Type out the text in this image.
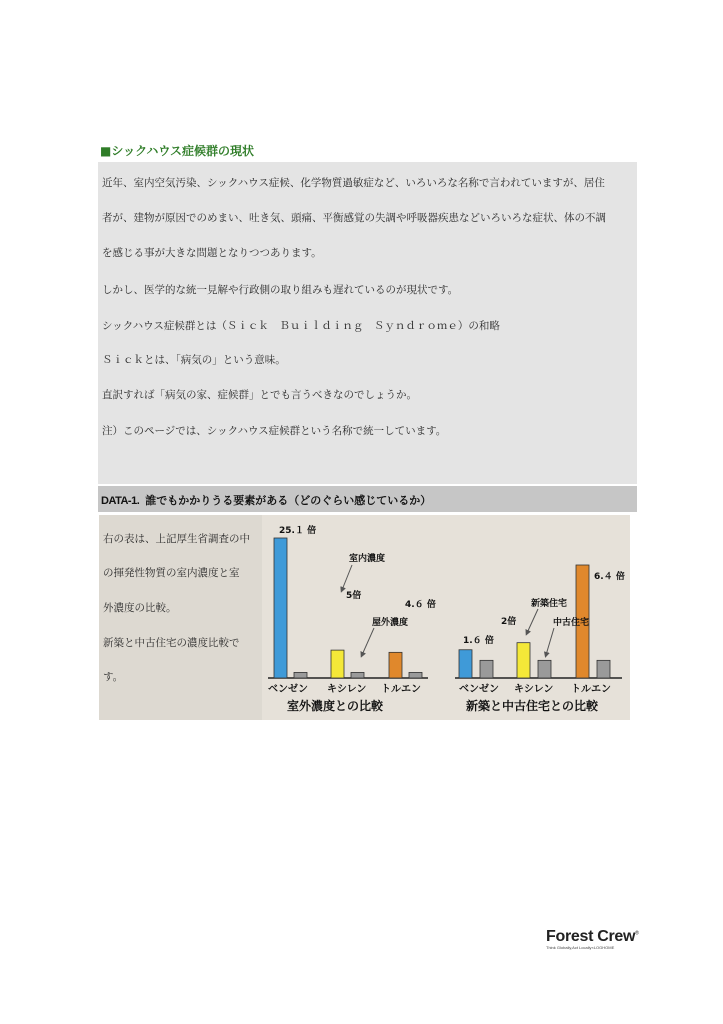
■シックハウス症候群の現状
近年、室内空気汚染、シックハウス症候、化学物質過敏症など、いろいろな名称で言われていますが、居住
者が、建物が原因でのめまい、吐き気、頭痛、平衡感覚の失調や呼吸器疾患などいろいろな症状、体の不調
を感じる事が大きな問題となりつつあります。
しかし、医学的な統一見解や行政側の取り組みも遅れているのが現状です。
シックハウス症候群とは（Ｓｉｃｋ　Ｂｕｉｌｄｉｎｇ　Ｓｙｎｄｒｏｍｅ）の和略
Ｓｉｃｋとは、「病気の」という意味。
直訳すれば「病気の家、症候群」とでも言うべきなのでしょうか。
注）このページでは、シックハウス症候群という名称で統一しています。
DATA-1. 誰でもかかりうる要素がある（どのぐらい感じているか）
右の表は、上記厚生省調査の中
の揮発性物質の室内濃度と室
外濃度の比較。
新築と中古住宅の濃度比較で
す。
25.１ 倍
5倍
4.６ 倍
室内濃度
屋外濃度
ベンゼン キシレン トルエン
室外濃度との比較
1.６ 倍
2倍
6.４ 倍
新築住宅
中古住宅
ベンゼン キシレン トルエン
新築と中古住宅との比較
Forest Crew®
Think Globally,Act Locally×LOGHOME
